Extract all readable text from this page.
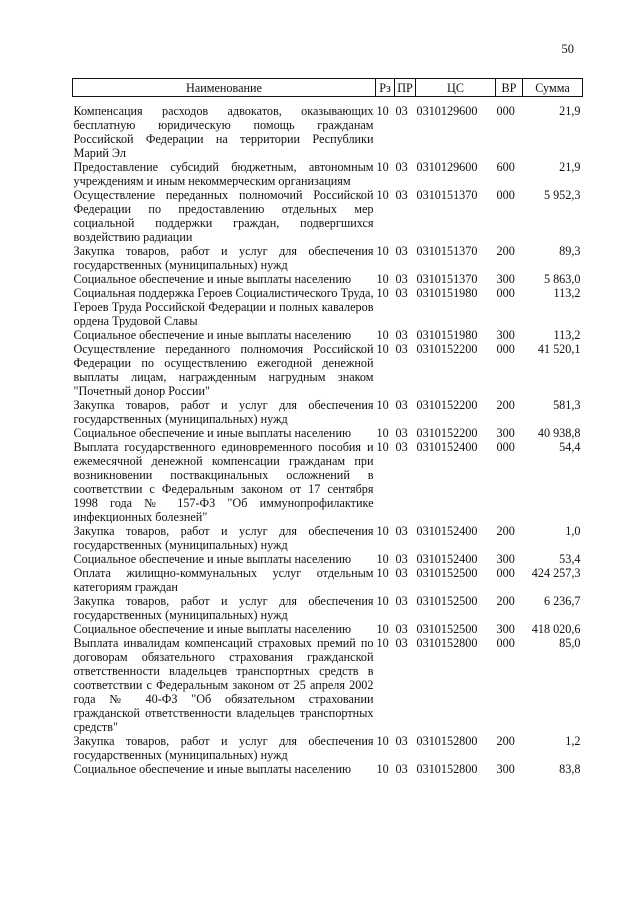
50
Наименование	Рз	ПР	ЦС	ВР	Сумма
Компенсация расходов адвокатов, оказывающих бесплатную юридическую помощь гражданам Российской Федерации на территории Республики Марий Эл	10	03	0310129600	000	21,9
Предоставление субсидий бюджетным, автономным учреждениям и иным некоммерческим организациям	10	03	0310129600	600	21,9
Осуществление переданных полномочий Российской Федерации по предоставлению отдельных мер социальной поддержки граждан, подвергшихся воздействию радиации	10	03	0310151370	000	5 952,3
Закупка товаров, работ и услуг для обеспечения государственных (муниципальных) нужд	10	03	0310151370	200	89,3
Социальное обеспечение и иные выплаты населению	10	03	0310151370	300	5 863,0
Социальная поддержка Героев Социалистического Труда, Героев Труда Российской Федерации и полных кавалеров ордена Трудовой Славы	10	03	0310151980	000	113,2
Социальное обеспечение и иные выплаты населению	10	03	0310151980	300	113,2
Осуществление переданного полномочия Российской Федерации по осуществлению ежегодной денежной выплаты лицам, награжденным нагрудным знаком "Почетный донор России"	10	03	0310152200	000	41 520,1
Закупка товаров, работ и услуг для обеспечения государственных (муниципальных) нужд	10	03	0310152200	200	581,3
Социальное обеспечение и иные выплаты населению	10	03	0310152200	300	40 938,8
Выплата государственного единовременного пособия и ежемесячной денежной компенсации гражданам при возникновении поствакцинальных осложнений в соответствии с Федеральным законом от 17 сентября 1998 года № 157-ФЗ "Об иммунопрофилактике инфекционных болезней"	10	03	0310152400	000	54,4
Закупка товаров, работ и услуг для обеспечения государственных (муниципальных) нужд	10	03	0310152400	200	1,0
Социальное обеспечение и иные выплаты населению	10	03	0310152400	300	53,4
Оплата жилищно-коммунальных услуг отдельным категориям граждан	10	03	0310152500	000	424 257,3
Закупка товаров, работ и услуг для обеспечения государственных (муниципальных) нужд	10	03	0310152500	200	6 236,7
Социальное обеспечение и иные выплаты населению	10	03	0310152500	300	418 020,6
Выплата инвалидам компенсаций страховых премий по договорам обязательного страхования гражданской ответственности владельцев транспортных средств в соответствии с Федеральным законом от 25 апреля 2002 года № 40-ФЗ "Об обязательном страховании гражданской ответственности владельцев транспортных средств"	10	03	0310152800	000	85,0
Закупка товаров, работ и услуг для обеспечения государственных (муниципальных) нужд	10	03	0310152800	200	1,2
Социальное обеспечение и иные выплаты населению	10	03	0310152800	300	83,8
